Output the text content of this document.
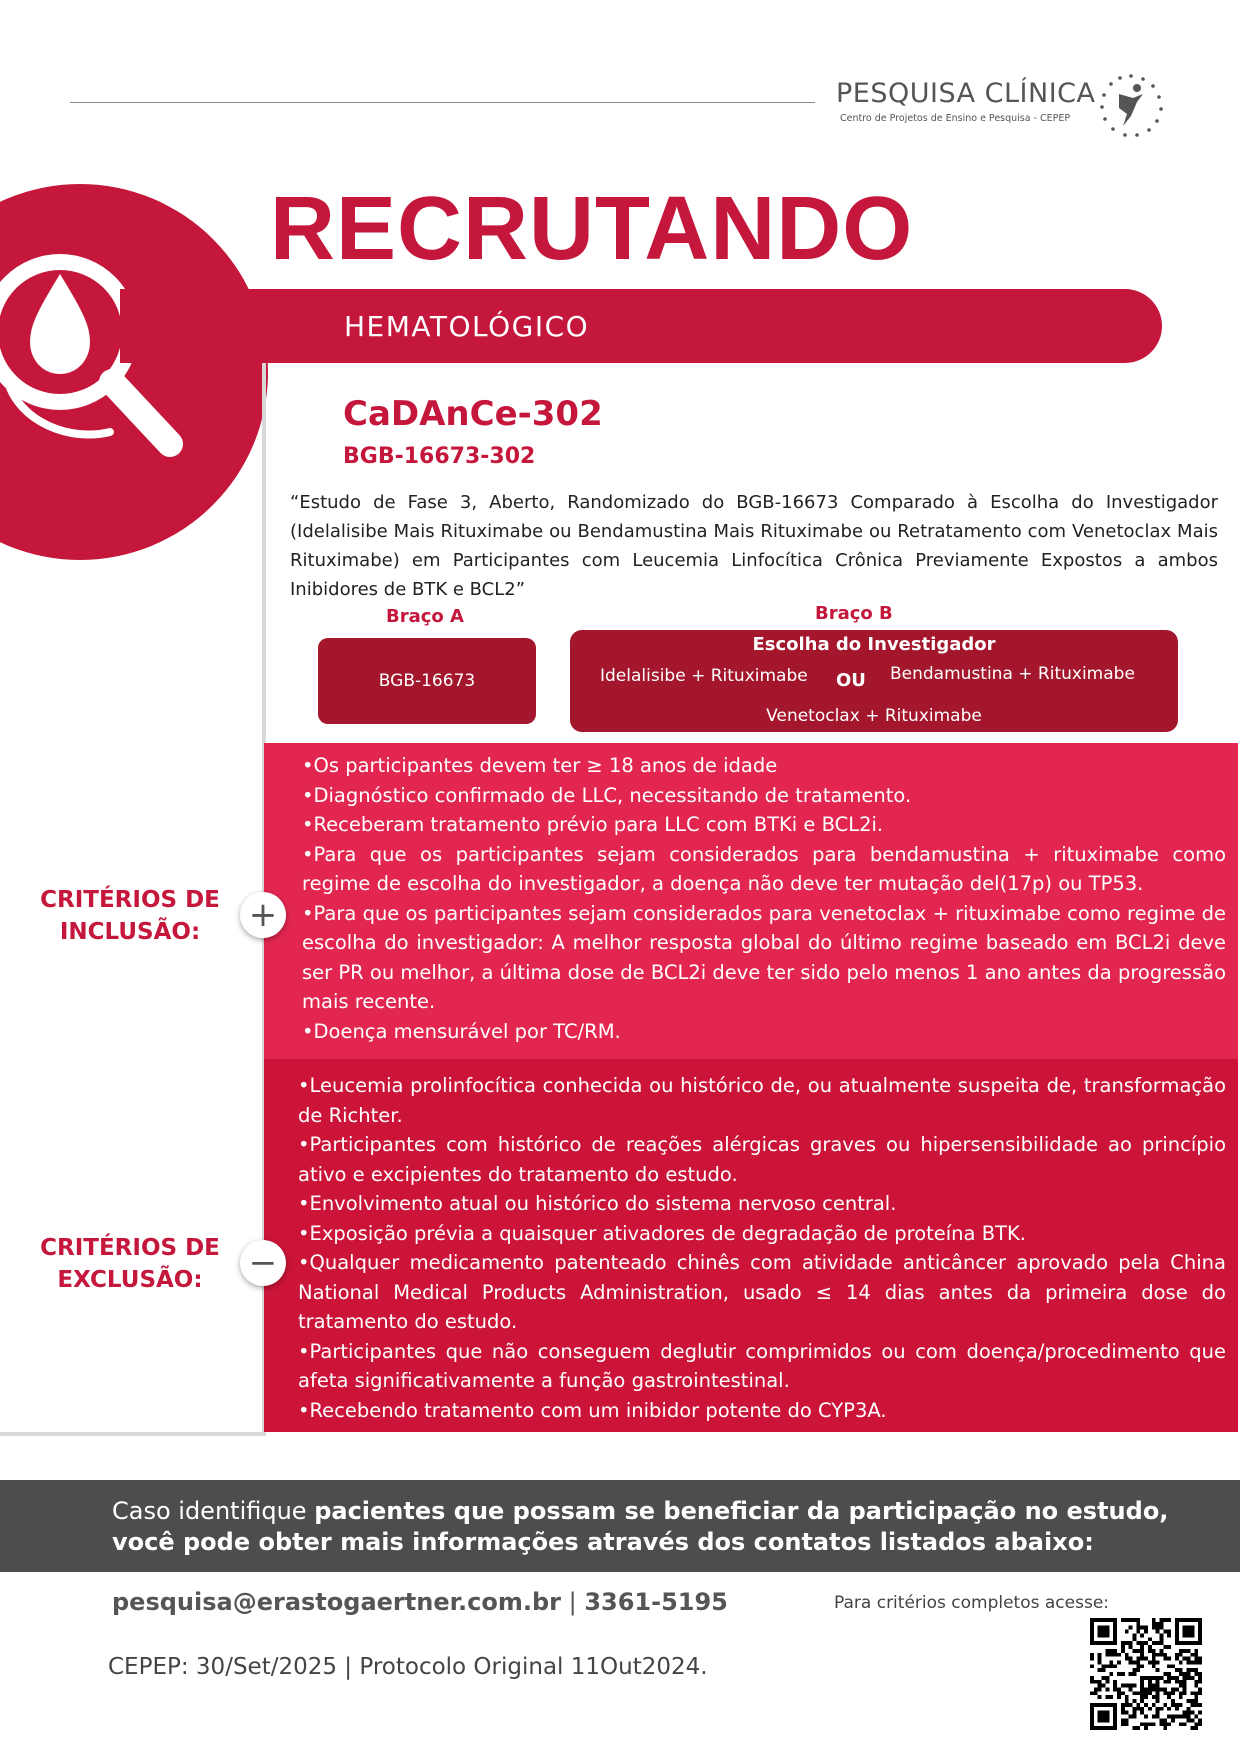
PESQUISA CLÍNICA
Centro de Projetos de Ensino e Pesquisa - CEPEP
RECRUTANDO
HEMATOLÓGICO
CaDAnCe-302
BGB-16673-302
“Estudo de Fase 3, Aberto, Randomizado do BGB-16673 Comparado à Escolha do Investigador (Idelalisibe Mais Rituximabe ou Bendamustina Mais Rituximabe ou Retratamento com Venetoclax Mais Rituximabe) em Participantes com Leucemia Linfocítica Crônica Previamente Expostos a ambos Inibidores de BTK e BCL2”
Braço A	Braço B
BGB-16673
Escolha do Investigador
Idelalisibe + Rituximabe OU Bendamustina + Rituximabe
Venetoclax + Rituximabe
•Os participantes devem ter ≥ 18 anos de idade
•Diagnóstico confirmado de LLC, necessitando de tratamento.
•Receberam tratamento prévio para LLC com BTKi e BCL2i.
•Para que os participantes sejam considerados para bendamustina + rituximabe como regime de escolha do investigador, a doença não deve ter mutação del(17p) ou TP53.
•Para que os participantes sejam considerados para venetoclax + rituximabe como regime de escolha do investigador: A melhor resposta global do último regime baseado em BCL2i deve ser PR ou melhor, a última dose de BCL2i deve ter sido pelo menos 1 ano antes da progressão mais recente.
•Doença mensurável por TC/RM.
CRITÉRIOS DE INCLUSÃO:	+
•Leucemia prolinfocítica conhecida ou histórico de, ou atualmente suspeita de, transformação de Richter.
•Participantes com histórico de reações alérgicas graves ou hipersensibilidade ao princípio ativo e excipientes do tratamento do estudo.
•Envolvimento atual ou histórico do sistema nervoso central.
•Exposição prévia a quaisquer ativadores de degradação de proteína BTK.
•Qualquer medicamento patenteado chinês com atividade anticâncer aprovado pela China National Medical Products Administration, usado ≤ 14 dias antes da primeira dose do tratamento do estudo.
•Participantes que não conseguem deglutir comprimidos ou com doença/procedimento que afeta significativamente a função gastrointestinal.
•Recebendo tratamento com um inibidor potente do CYP3A.
CRITÉRIOS DE EXCLUSÃO:	−
Caso identifique pacientes que possam se beneficiar da participação no estudo,
você pode obter mais informações através dos contatos listados abaixo:
pesquisa@erastogaertner.com.br | 3361-5195	Para critérios completos acesse:
CEPEP: 30/Set/2025 | Protocolo Original 11Out2024.
